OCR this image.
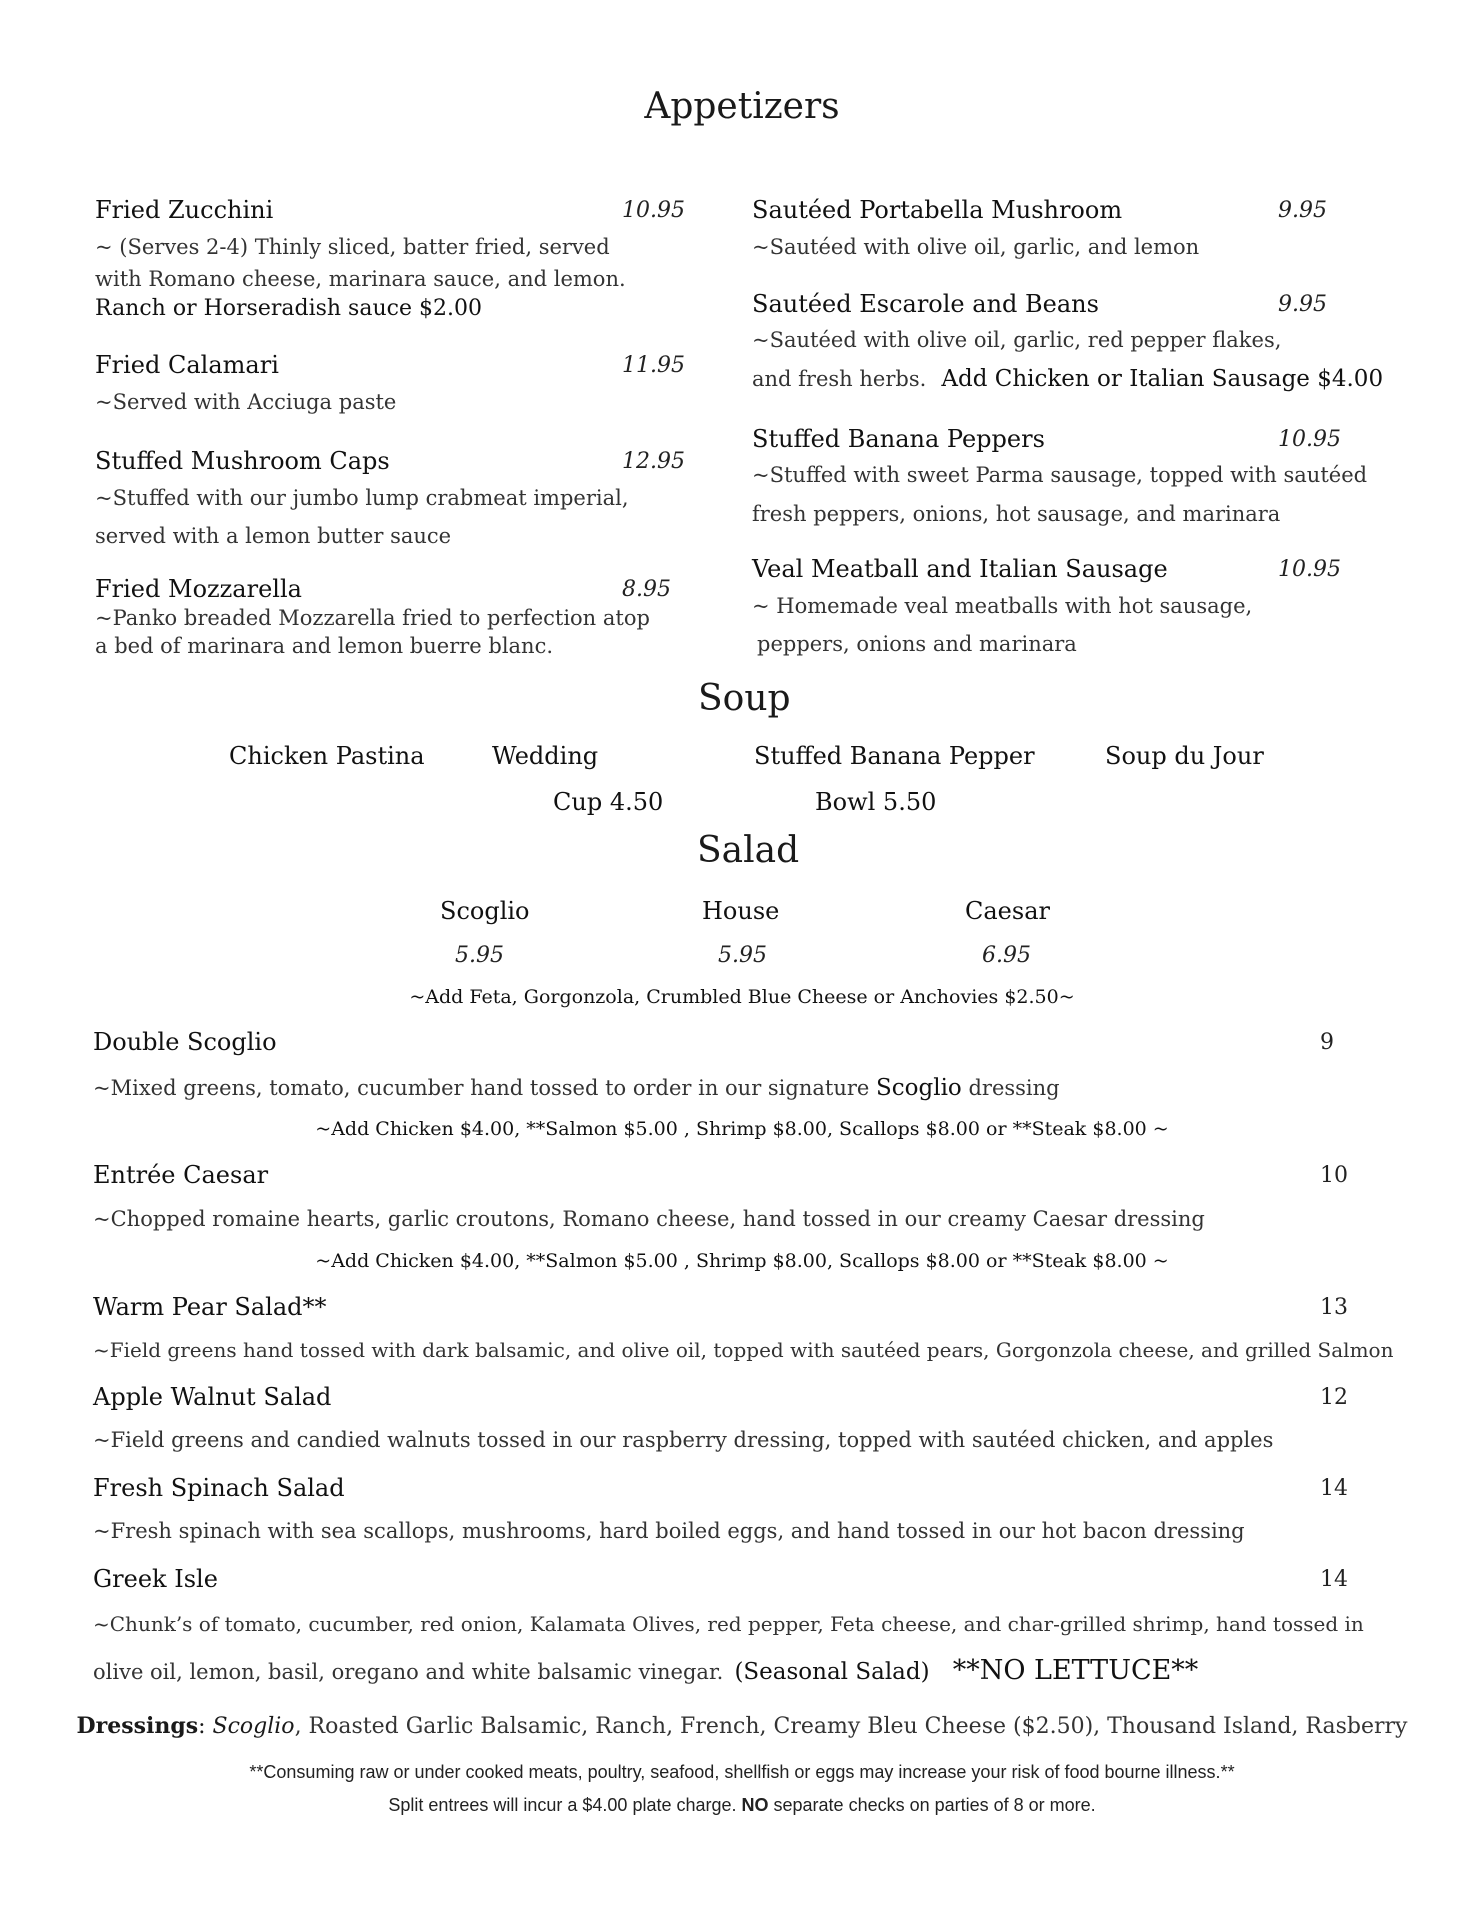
Appetizers
Fried Zucchini	10.95
~ (Serves 2-4) Thinly sliced, batter fried, served
with Romano cheese, marinara sauce, and lemon.
Ranch or Horseradish sauce $2.00
Fried Calamari	11.95
~Served with Acciuga paste
Stuffed Mushroom Caps	12.95
~Stuffed with our jumbo lump crabmeat imperial,
served with a lemon butter sauce
Fried Mozzarella	8.95
~Panko breaded Mozzarella fried to perfection atop
a bed of marinara and lemon buerre blanc.
Sautéed Portabella Mushroom	9.95
~Sautéed with olive oil, garlic, and lemon
Sautéed Escarole and Beans	9.95
~Sautéed with olive oil, garlic, red pepper flakes,
and fresh herbs. Add Chicken or Italian Sausage $4.00
Stuffed Banana Peppers	10.95
~Stuffed with sweet Parma sausage, topped with sautéed
fresh peppers, onions, hot sausage, and marinara
Veal Meatball and Italian Sausage	10.95
~ Homemade veal meatballs with hot sausage,
peppers, onions and marinara
Soup
Chicken Pastina	Wedding	Stuffed Banana Pepper	Soup du Jour
Cup 4.50	Bowl 5.50
Salad
Scoglio	House	Caesar
5.95	5.95	6.95
~Add Feta, Gorgonzola, Crumbled Blue Cheese or Anchovies $2.50~
Double Scoglio	9
~Mixed greens, tomato, cucumber hand tossed to order in our signature Scoglio dressing
~Add Chicken $4.00, **Salmon $5.00 , Shrimp $8.00, Scallops $8.00 or **Steak $8.00 ~
Entrée Caesar	10
~Chopped romaine hearts, garlic croutons, Romano cheese, hand tossed in our creamy Caesar dressing
~Add Chicken $4.00, **Salmon $5.00 , Shrimp $8.00, Scallops $8.00 or **Steak $8.00 ~
Warm Pear Salad**	13
~Field greens hand tossed with dark balsamic, and olive oil, topped with sautéed pears, Gorgonzola cheese, and grilled Salmon
Apple Walnut Salad	12
~Field greens and candied walnuts tossed in our raspberry dressing, topped with sautéed chicken, and apples
Fresh Spinach Salad	14
~Fresh spinach with sea scallops, mushrooms, hard boiled eggs, and hand tossed in our hot bacon dressing
Greek Isle	14
~Chunk’s of tomato, cucumber, red onion, Kalamata Olives, red pepper, Feta cheese, and char-grilled shrimp, hand tossed in
olive oil, lemon, basil, oregano and white balsamic vinegar. (Seasonal Salad) **NO LETTUCE**
Dressings: Scoglio, Roasted Garlic Balsamic, Ranch, French, Creamy Bleu Cheese ($2.50), Thousand Island, Rasberry
**Consuming raw or under cooked meats, poultry, seafood, shellfish or eggs may increase your risk of food bourne illness.**
Split entrees will incur a $4.00 plate charge. NO separate checks on parties of 8 or more.
